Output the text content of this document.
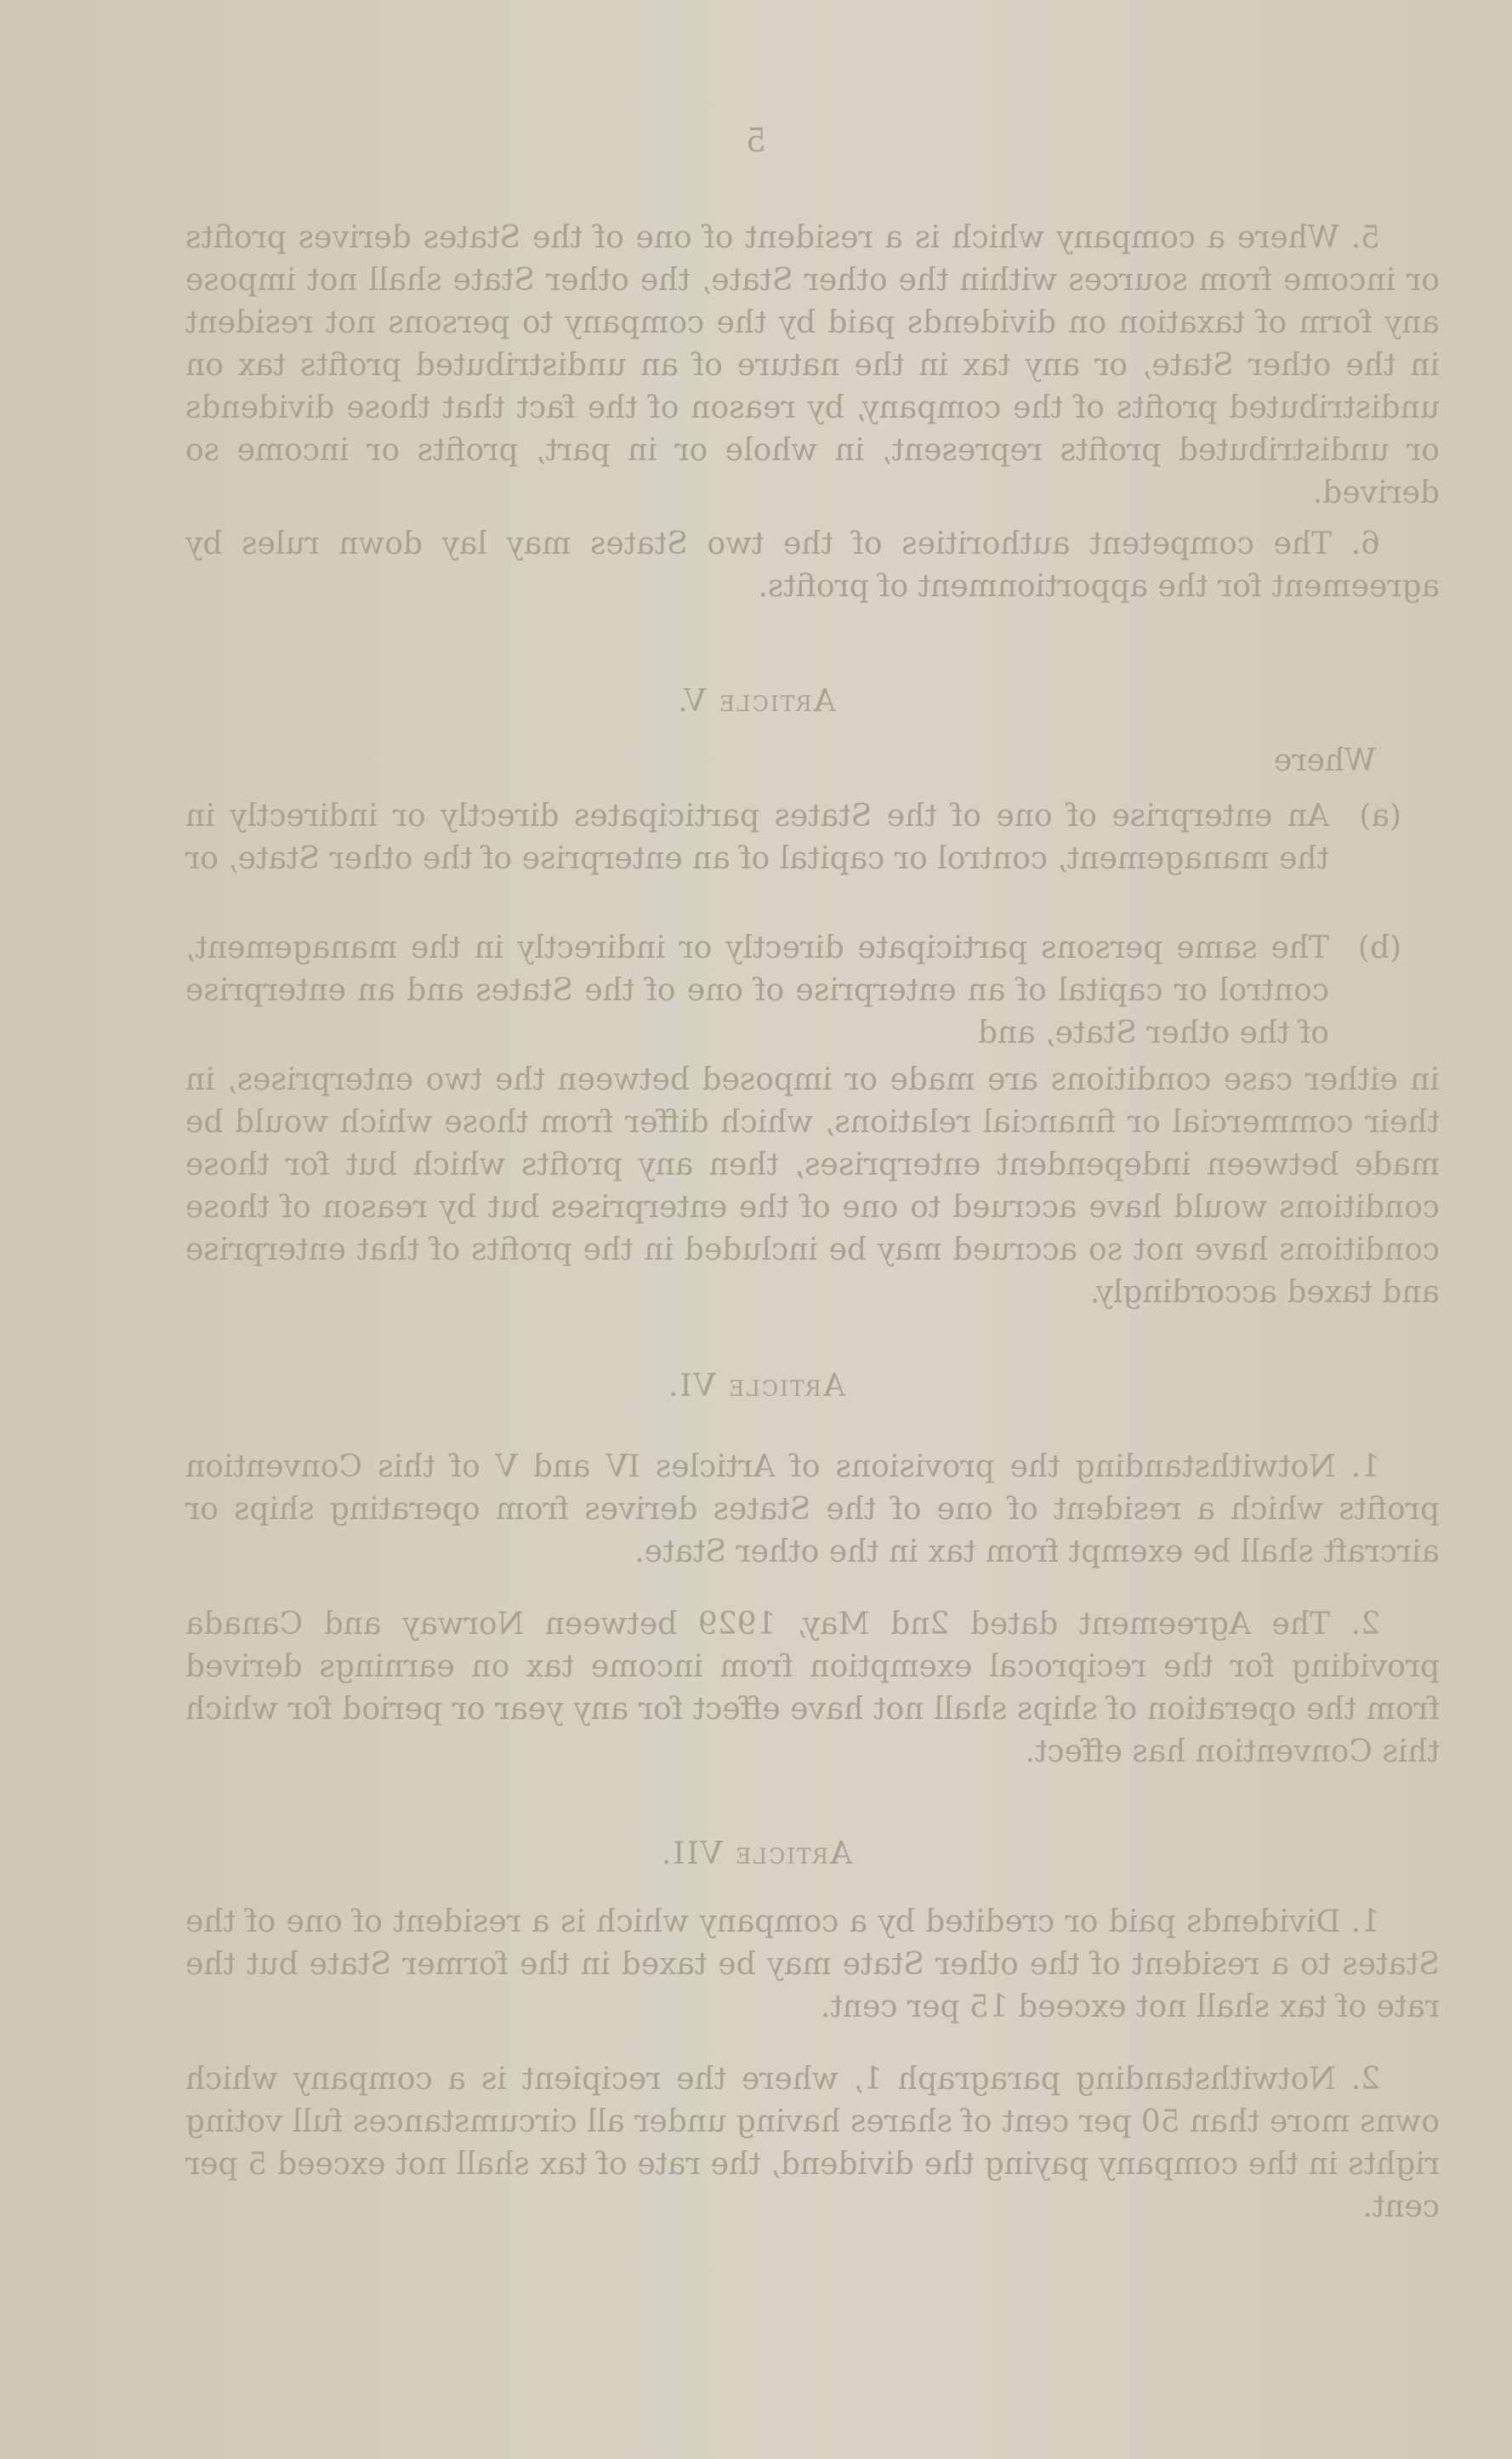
5

5. Where a company which is a resident of one of the States derives profits or income from sources within the other State, the other State shall not impose any form of taxation on dividends paid by the company to persons not resident in the other State, or any tax in the nature of an undistributed profits tax on undistributed profits of the company, by reason of the fact that those dividends or undistributed profits represent, in whole or in part, profits or income so derived.

6. The competent authorities of the two States may lay down rules by agreement for the apportionment of profits.

Article V.
Where
(a)
An enterprise of one of the States participates directly or indirectly in the management, control or capital of an enterprise of the other State, or
(b)
The same persons participate directly or indirectly in the management, control or capital of an enterprise of one of the States and an enterprise of the other State, and

in either case conditions are made or imposed between the two enterprises, in their commercial or financial relations, which differ from those which would be made between independent enterprises, then any profits which but for those conditions would have accrued to one of the enterprises but by reason of those conditions have not so accrued may be included in the profits of that enterprise and taxed accordingly.

Article VI.

1. Notwithstanding the provisions of Articles IV and V of this Convention profits which a resident of one of the States derives from operating ships or aircraft shall be exempt from tax in the other State.

2. The Agreement dated 2nd May, 1929 between Norway and Canada providing for the reciprocal exemption from income tax on earnings derived from the operation of ships shall not have effect for any year or period for which this Convention has effect.

Article VII.

1. Dividends paid or credited by a company which is a resident of one of the States to a resident of the other State may be taxed in the former State but the rate of tax shall not exceed 15 per cent.

2. Notwithstanding paragraph 1, where the recipient is a company which owns more than 50 per cent of shares having under all circumstances full voting rights in the company paying the dividend, the rate of tax shall not exceed 5 per cent.
